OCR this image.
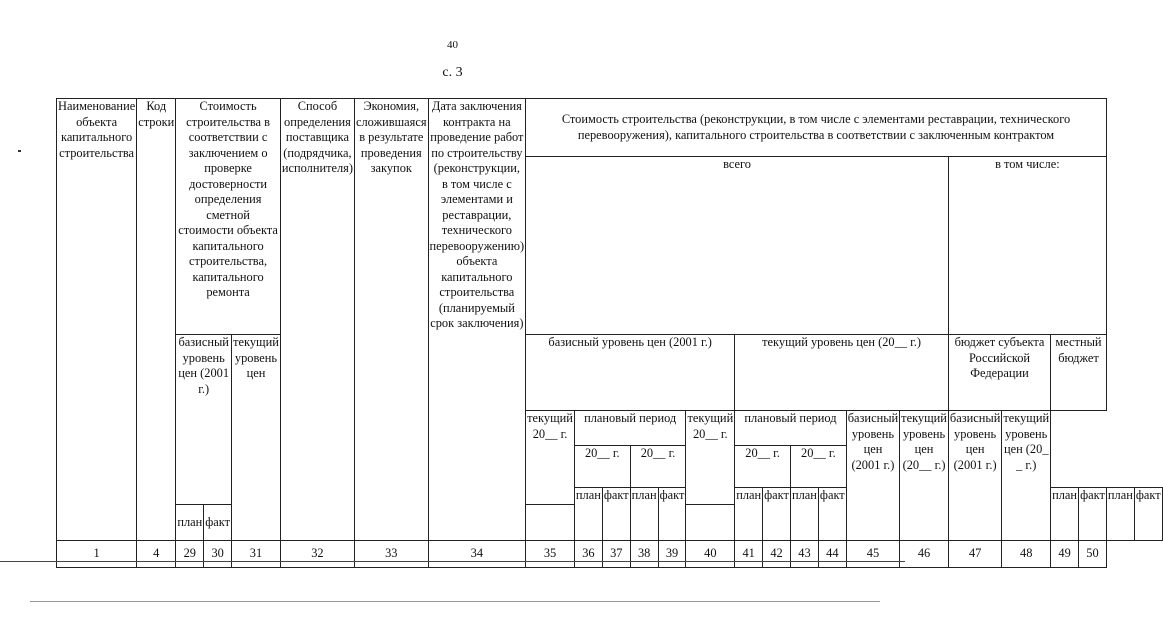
40
с. 3
Наименование объекта капитального строительства	Код строки	Стоимость строительства в соответствии с заключением о проверке достоверности определения сметной стоимости объекта капитального строительства, капитального ремонта			Способ определения поставщика (подрядчика, исполнителя)	Экономия, сложившаяся в результате проведения закупок	Дата заключения контракта на проведение работ по строительству (реконструкции, в том числе с элементами и реставрации, технического перевооружению) объекта капитального строительства (планируемый срок заключения)	Стоимость строительства (реконструкции, в том числе с элементами реставрации, технического перевооружения), капитального строительства в соответствии с заключенным контрактом																	
								всего												в том числе:					
		базисный уровень цен (2001 г.)		текущий уровень цен				базисный уровень цен (2001 г.)						текущий уровень цен (20__ г.)						бюджет субъекта Российской Федерации		местный бюджет			
								текущий 20__ г.	плановый период				текущий 20__ г.	плановый период				базисный уровень цен (2001 г.)	текущий уровень цен (20__ г.)	базисный уровень цен (2001 г.)	текущий уровень цен (20_ _ г.)				
									20__ г.		20__ г.			20__ г.		20__ г.									
									план	факт	план	факт		план	факт	план	факт					план	факт	план	факт
		план	факт																						
1	4	29	30	31	32	33	34	35	36	37	38	39	40	41	42	43	44	45	46	47	48	49	50		
